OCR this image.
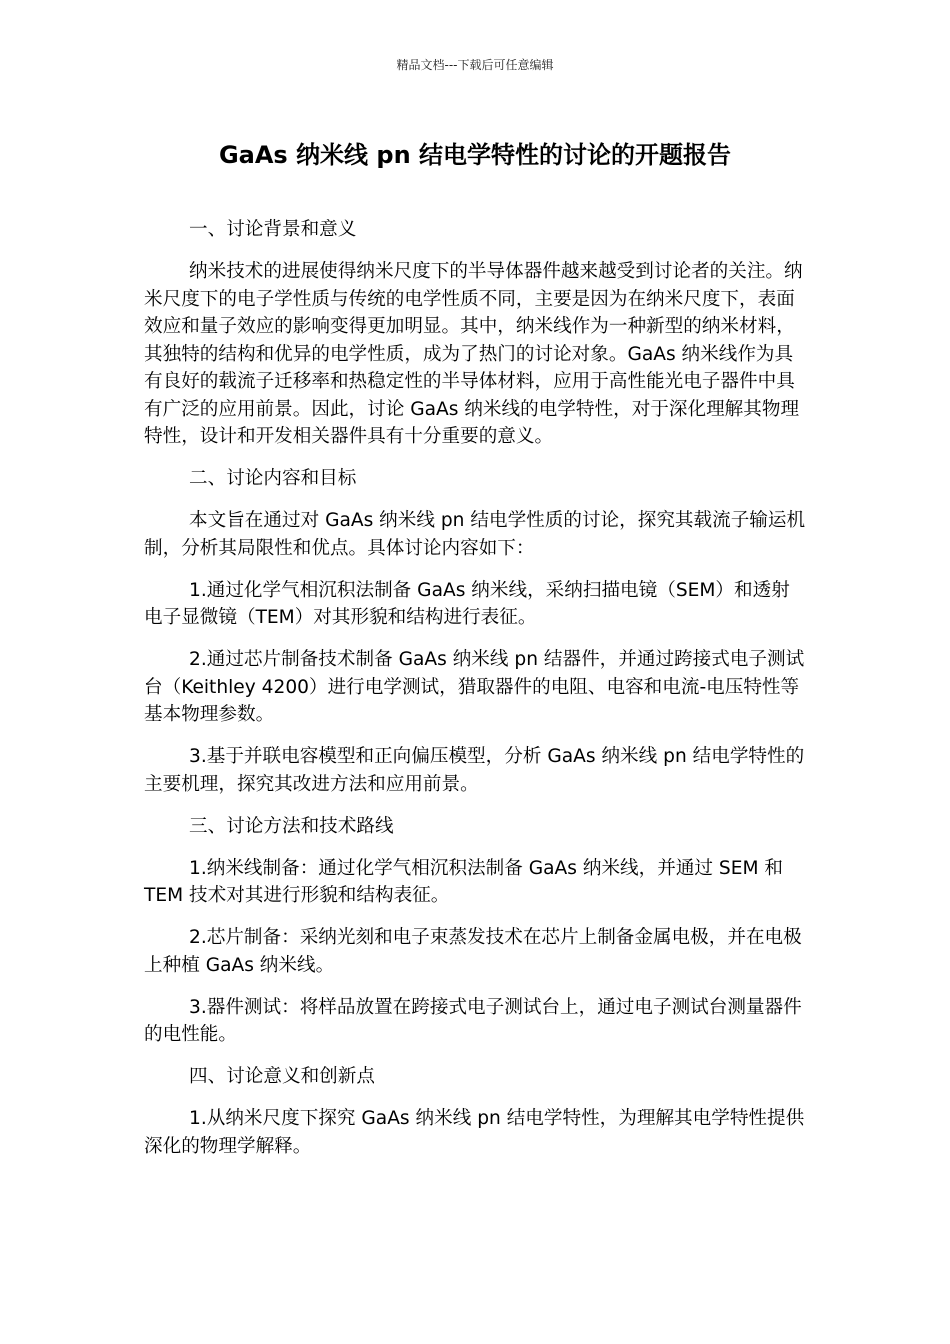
精品文档---下载后可任意编辑
GaAs 纳米线 pn 结电学特性的讨论的开题报告

一、讨论背景和意义

纳米技术的进展使得纳米尺度下的半导体器件越来越受到讨论者的关注。纳米尺度下的电子学性质与传统的电学性质不同，主要是因为在纳米尺度下，表面效应和量子效应的影响变得更加明显。其中，纳米线作为一种新型的纳米材料，其独特的结构和优异的电学性质，成为了热门的讨论对象。GaAs 纳米线作为具有良好的载流子迁移率和热稳定性的半导体材料，应用于高性能光电子器件中具有广泛的应用前景。因此，讨论 GaAs 纳米线的电学特性，对于深化理解其物理特性，设计和开发相关器件具有十分重要的意义。

二、讨论内容和目标

本文旨在通过对 GaAs 纳米线 pn 结电学性质的讨论，探究其载流子输运机制，分析其局限性和优点。具体讨论内容如下：

1.通过化学气相沉积法制备 GaAs 纳米线，采纳扫描电镜（SEM）和透射电子显微镜（TEM）对其形貌和结构进行表征。

2.通过芯片制备技术制备 GaAs 纳米线 pn 结器件，并通过跨接式电子测试台（Keithley 4200）进行电学测试，猎取器件的电阻、电容和电流-电压特性等基本物理参数。

3.基于并联电容模型和正向偏压模型，分析 GaAs 纳米线 pn 结电学特性的主要机理，探究其改进方法和应用前景。

三、讨论方法和技术路线

1.纳米线制备：通过化学气相沉积法制备 GaAs 纳米线，并通过 SEM 和 TEM 技术对其进行形貌和结构表征。

2.芯片制备：采纳光刻和电子束蒸发技术在芯片上制备金属电极，并在电极上种植 GaAs 纳米线。

3.器件测试：将样品放置在跨接式电子测试台上，通过电子测试台测量器件的电性能。

四、讨论意义和创新点

1.从纳米尺度下探究 GaAs 纳米线 pn 结电学特性，为理解其电学特性提供深化的物理学解释。
